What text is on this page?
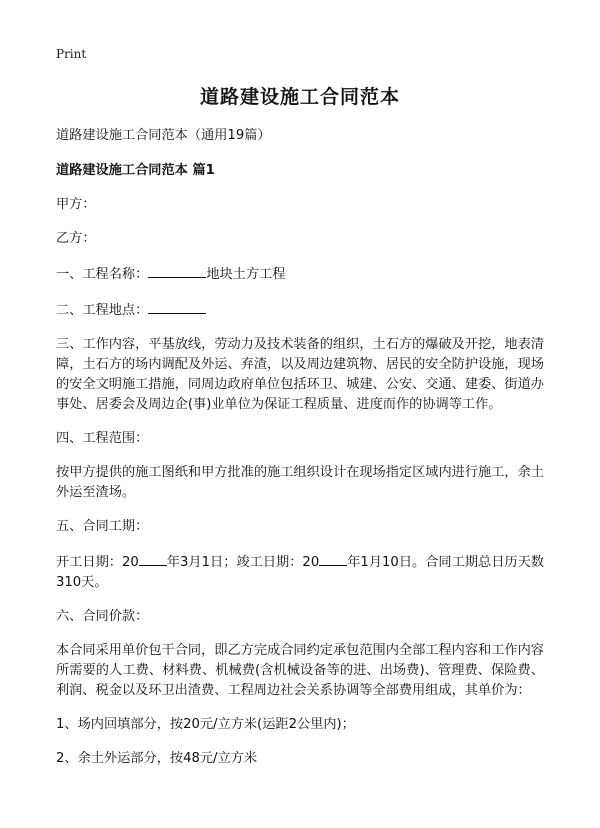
Print

道路建设施工合同范本

道路建设施工合同范本（通用19篇）

道路建设施工合同范本 篇1

甲方：

乙方：

一、工程名称：	地块土方工程

二、工程地点：

三、工作内容，平基放线，劳动力及技术装备的组织，土石方的爆破及开挖，地表清障，土石方的场内调配及外运、弃渣，以及周边建筑物、居民的安全防护设施，现场的安全文明施工措施，同周边政府单位包括环卫、城建、公安、交通、建委、街道办事处、居委会及周边企(事)业单位为保证工程质量、进度而作的协调等工作。

四、工程范围：

按甲方提供的施工图纸和甲方批准的施工组织设计在现场指定区域内进行施工，余土外运至渣场。

五、合同工期：

开工日期：20 年3月1日；竣工日期：20 年1月10日。合同工期总日历天数310天。

六、合同价款：

本合同采用单价包干合同，即乙方完成合同约定承包范围内全部工程内容和工作内容所需要的人工费、材料费、机械费(含机械设备等的进、出场费)、管理费、保险费、利润、税金以及环卫出渣费、工程周边社会关系协调等全部费用组成，其单价为：

1、场内回填部分，按20元/立方米(运距2公里内)；

2、余土外运部分，按48元/立方米
